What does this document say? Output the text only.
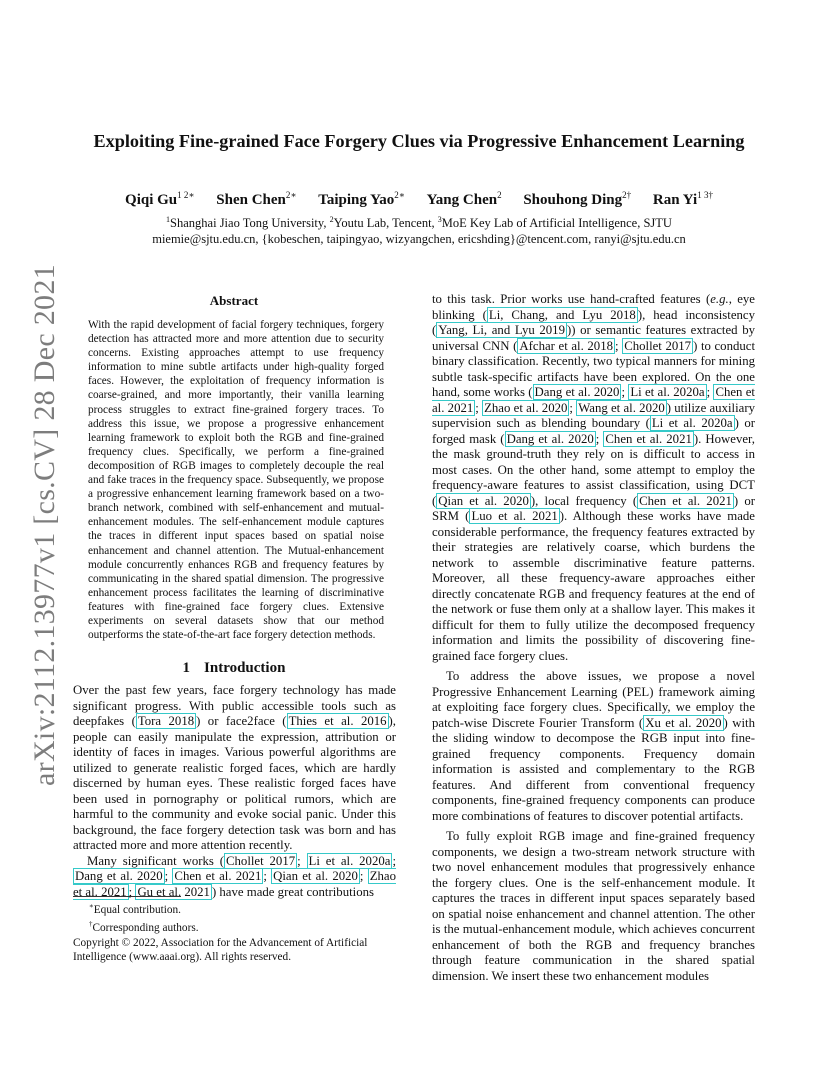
arXiv:2112.13977v1 [cs.CV] 28 Dec 2021
Exploiting Fine-grained Face Forgery Clues via Progressive Enhancement Learning
Qiqi $Gu^{1 2∗}$ Shen Chen$^{2∗}$ Taiping Yao$^{2∗}$ Yang Chen$^2$ Shouhong Ding$^{2\dagger}$ Ran $Yi^{1 3\dagger}$
$^1$Shanghai Jiao Tong University, $^2$Youtu Lab, Tencent, $^3$MoE Key Lab of Artificial Intelligence, SJTU
miemie@sjtu.edu.cn, {kobeschen, taipingyao, wizyangchen, ericshding}@tencent.com, ranyi@sjtu.edu.cn
Abstract
With the rapid development of facial forgery techniques, forgery detection has attracted more and more attention due to security concerns. Existing approaches attempt to use frequency information to mine subtle artifacts under high-quality forged faces. However, the exploitation of frequency information is coarse-grained, and more importantly, their vanilla learning process struggles to extract fine-grained forgery traces. To address this issue, we propose a progressive enhancement learning framework to exploit both the RGB and fine-grained frequency clues. Specifically, we perform a fine-grained decomposition of RGB images to completely decouple the real and fake traces in the frequency space. Subsequently, we propose a progressive enhancement learning framework based on a two-branch network, combined with self-enhancement and mutual-enhancement modules. The self-enhancement module captures the traces in different input spaces based on spatial noise enhancement and channel attention. The Mutual-enhancement module concurrently enhances RGB and frequency features by communicating in the shared spatial dimension. The progressive enhancement process facilitates the learning of discriminative features with fine-grained face forgery clues. Extensive experiments on several datasets show that our method outperforms the state-of-the-art face forgery detection methods.
1 Introduction

Over the past few years, face forgery technology has made significant progress. With public accessible tools such as deepfakes ( Tora 2018 ) or face2face ( Thies et al. 2016 ), people can easily manipulate the expression, attribution or identity of faces in images. Various powerful algorithms are utilized to generate realistic forged faces, which are hardly discerned by human eyes. These realistic forged faces have been used in pornography or political rumors, which are harmful to the community and evoke social panic. Under this background, the face forgery detection task was born and has attracted more and more attention recently.

Many significant works ( Chollet 2017 ; Li et al. 2020a ; Dang et al. 2020 ; Chen et al. 2021 ; Qian et al. 2020 ; Zhao et al. 2021 ; Gu et al. 2021 ) have made great contributions

∗Equal contribution.
†Corresponding authors.
Copyright © 2022, Association for the Advancement of Artificial Intelligence (www.aaai.org). All rights reserved.

to this task. Prior works use hand-crafted features (e.g., eye blinking ( Li, Chang, and Lyu 2018 ), head inconsistency ( Yang, Li, and Lyu 2019 )) or semantic features extracted by universal CNN ( Afchar et al. 2018 ; Chollet 2017 ) to conduct binary classification. Recently, two typical manners for mining subtle task-specific artifacts have been explored. On the one hand, some works ( Dang et al. 2020 ; Li et al. 2020a ; Chen et al. 2021 ; Zhao et al. 2020 ; Wang et al. 2020 ) utilize auxiliary supervision such as blending boundary ( Li et al. 2020a ) or forged mask ( Dang et al. 2020 ; Chen et al. 2021 ). However, the mask ground-truth they rely on is difficult to access in most cases. On the other hand, some attempt to employ the frequency-aware features to assist classification, using DCT ( Qian et al. 2020 ), local frequency ( Chen et al. 2021 ) or SRM ( Luo et al. 2021 ). Although these works have made considerable performance, the frequency features extracted by their strategies are relatively coarse, which burdens the network to assemble discriminative feature patterns. Moreover, all these frequency-aware approaches either directly concatenate RGB and frequency features at the end of the network or fuse them only at a shallow layer. This makes it difficult for them to fully utilize the decomposed frequency information and limits the possibility of discovering fine-grained face forgery clues.

To address the above issues, we propose a novel Progressive Enhancement Learning (PEL) framework aiming at exploiting face forgery clues. Specifically, we employ the patch-wise Discrete Fourier Transform ( Xu et al. 2020 ) with the sliding window to decompose the RGB input into fine-grained frequency components. Frequency domain information is assisted and complementary to the RGB features. And different from conventional frequency components, fine-grained frequency components can produce more combinations of features to discover potential artifacts.

To fully exploit RGB image and fine-grained frequency components, we design a two-stream network structure with two novel enhancement modules that progressively enhance the forgery clues. One is the self-enhancement module. It captures the traces in different input spaces separately based on spatial noise enhancement and channel attention. The other is the mutual-enhancement module, which achieves concurrent enhancement of both the RGB and frequency branches through feature communication in the shared spatial dimension. We insert these two enhancement modules
